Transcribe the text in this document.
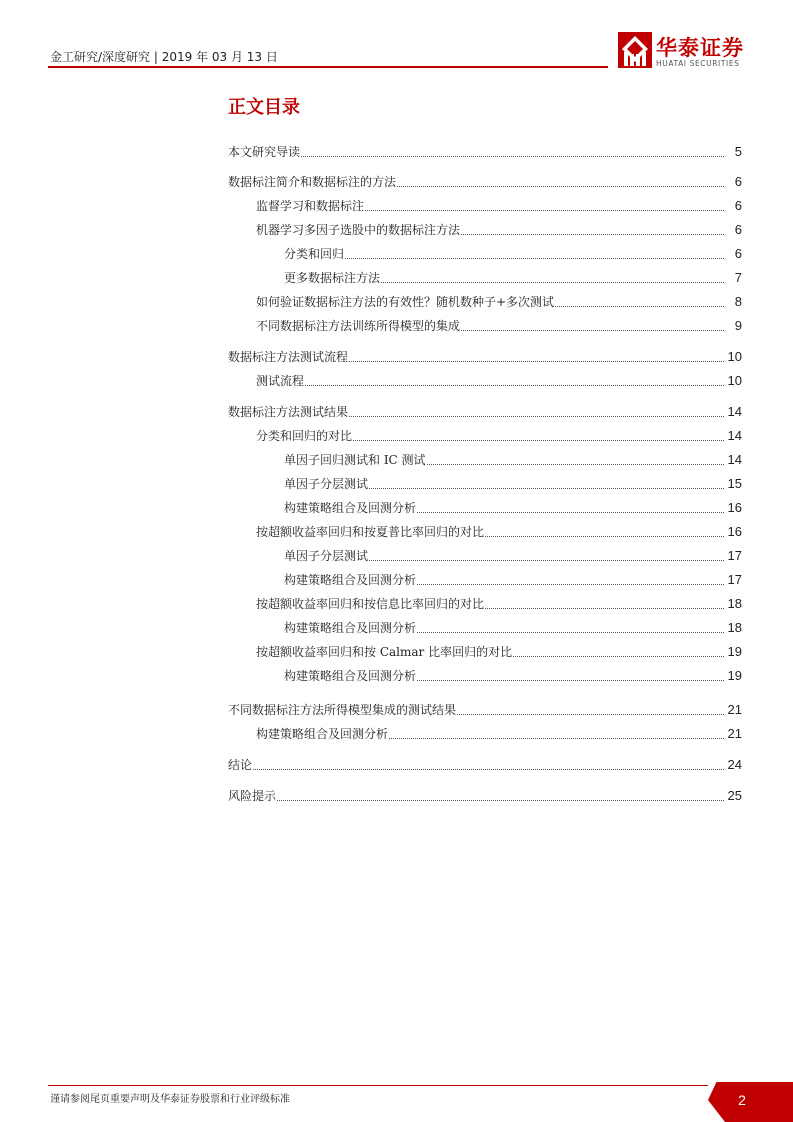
金工研究/深度研究 | 2019 年 03 月 13 日	华泰证券
HUATAI SECURITIES
正文目录
本文研究导读	5
数据标注简介和数据标注的方法	6
监督学习和数据标注	6
机器学习多因子选股中的数据标注方法	6
分类和回归	6
更多数据标注方法	7
如何验证数据标注方法的有效性？随机数种子+多次测试	8
不同数据标注方法训练所得模型的集成	9
数据标注方法测试流程	10
测试流程	10
数据标注方法测试结果	14
分类和回归的对比	14
单因子回归测试和 IC 测试	14
单因子分层测试	15
构建策略组合及回测分析	16
按超额收益率回归和按夏普比率回归的对比	16
单因子分层测试	17
构建策略组合及回测分析	17
按超额收益率回归和按信息比率回归的对比	18
构建策略组合及回测分析	18
按超额收益率回归和按 Calmar 比率回归的对比	19
构建策略组合及回测分析	19
不同数据标注方法所得模型集成的测试结果	21
构建策略组合及回测分析	21
结论	24
风险提示	25
谨请参阅尾页重要声明及华泰证券股票和行业评级标准	2
